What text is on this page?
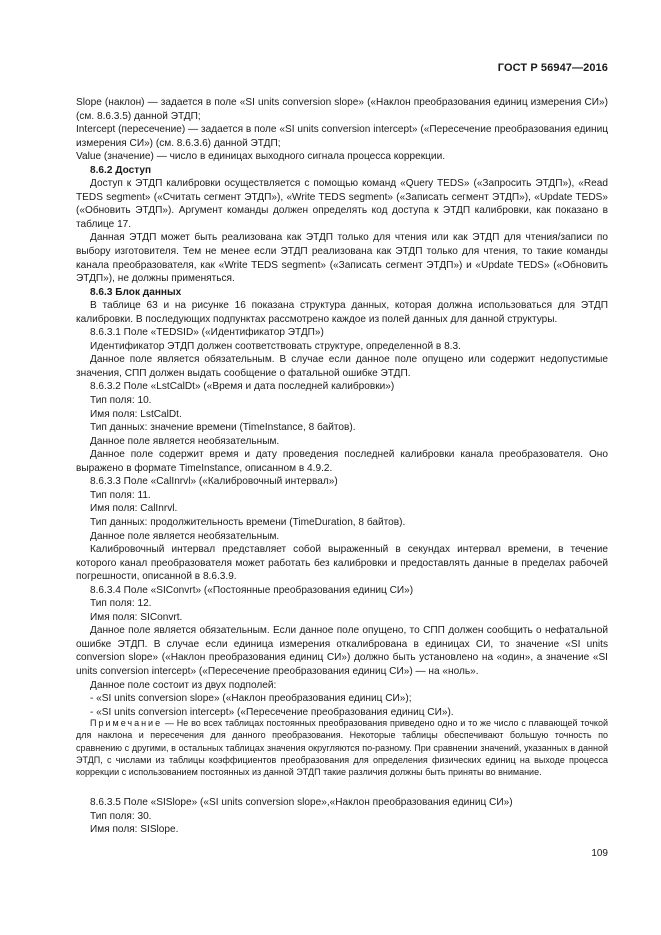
ГОСТ Р 56947—2016

Slope (наклон) — задается в поле «SI units conversion slope» («Наклон преобразования единиц измерения СИ») (см. 8.6.3.5) данной ЭТДП;

Intercept (пересечение) — задается в поле «SI units conversion intercept» («Пересечение преобразования единиц измерения СИ») (см. 8.6.3.6) данной ЭТДП;

Value (значение) — число в единицах выходного сигнала процесса коррекции.

8.6.2 Доступ

Доступ к ЭТДП калибровки осуществляется с помощью команд «Query TEDS» («Запросить ЭТДП»), «Read TEDS segment» («Считать сегмент ЭТДП»), «Write TEDS segment» («Записать сегмент ЭТДП»), «Update TEDS» («Обновить ЭТДП»). Аргумент команды должен определять код доступа к ЭТДП калибровки, как показано в таблице 17.

Данная ЭТДП может быть реализована как ЭТДП только для чтения или как ЭТДП для чтения/записи по выбору изготовителя. Тем не менее если ЭТДП реализована как ЭТДП только для чтения, то такие команды канала преобразователя, как «Write TEDS segment» («Записать сегмент ЭТДП») и «Update TEDS» («Обновить ЭТДП»), не должны применяться.

8.6.3 Блок данных

В таблице 63 и на рисунке 16 показана структура данных, которая должна использоваться для ЭТДП калибровки. В последующих подпунктах рассмотрено каждое из полей данных для данной структуры.

8.6.3.1 Поле «TEDSID» («Идентификатор ЭТДП»)

Идентификатор ЭТДП должен соответствовать структуре, определенной в 8.3.

Данное поле является обязательным. В случае если данное поле опущено или содержит недопустимые значения, СПП должен выдать сообщение о фатальной ошибке ЭТДП.

8.6.3.2 Поле «LstCalDt» («Время и дата последней калибровки»)

Тип поля: 10.

Имя поля: LstCalDt.

Тип данных: значение времени (TimeInstance, 8 байтов).

Данное поле является необязательным.

Данное поле содержит время и дату проведения последней калибровки канала преобразователя. Оно выражено в формате TimeInstance, описанном в 4.9.2.

8.6.3.3 Поле «CalInrvl» («Калибровочный интервал»)

Тип поля: 11.

Имя поля: CalInrvl.

Тип данных: продолжительность времени (TimeDuration, 8 байтов).

Данное поле является необязательным.

Калибровочный интервал представляет собой выраженный в секундах интервал времени, в течение которого канал преобразователя может работать без калибровки и предоставлять данные в пределах рабочей погрешности, описанной в 8.6.3.9.

8.6.3.4 Поле «SIConvrt» («Постоянные преобразования единиц СИ»)

Тип поля: 12.

Имя поля: SIConvrt.

Данное поле является обязательным. Если данное поле опущено, то СПП должен сообщить о нефатальной ошибке ЭТДП. В случае если единица измерения откалибрована в единицах СИ, то значение «SI units conversion slope» («Наклон преобразования единиц СИ») должно быть установлено на «один», а значение «SI units conversion intercept» («Пересечение преобразования единиц СИ») — на «ноль».

Данное поле состоит из двух подполей:

- «SI units conversion slope» («Наклон преобразования единиц СИ»);

- «SI units conversion intercept» («Пересечение преобразования единиц СИ»).

Примечание — Не во всех таблицах постоянных преобразования приведено одно и то же число с плавающей точкой для наклона и пересечения для данного преобразования. Некоторые таблицы обеспечивают большую точность по сравнению с другими, в остальных таблицах значения округляются по-разному. При сравнении значений, указанных в данной ЭТДП, с числами из таблицы коэффициентов преобразования для определения физических единиц на выходе процесса коррекции с использованием постоянных из данной ЭТДП такие различия должны быть приняты во внимание.

8.6.3.5 Поле «SISlope» («SI units conversion slope»,«Наклон преобразования единиц СИ»)

Тип поля: 30.

Имя поля: SISlope.

109
